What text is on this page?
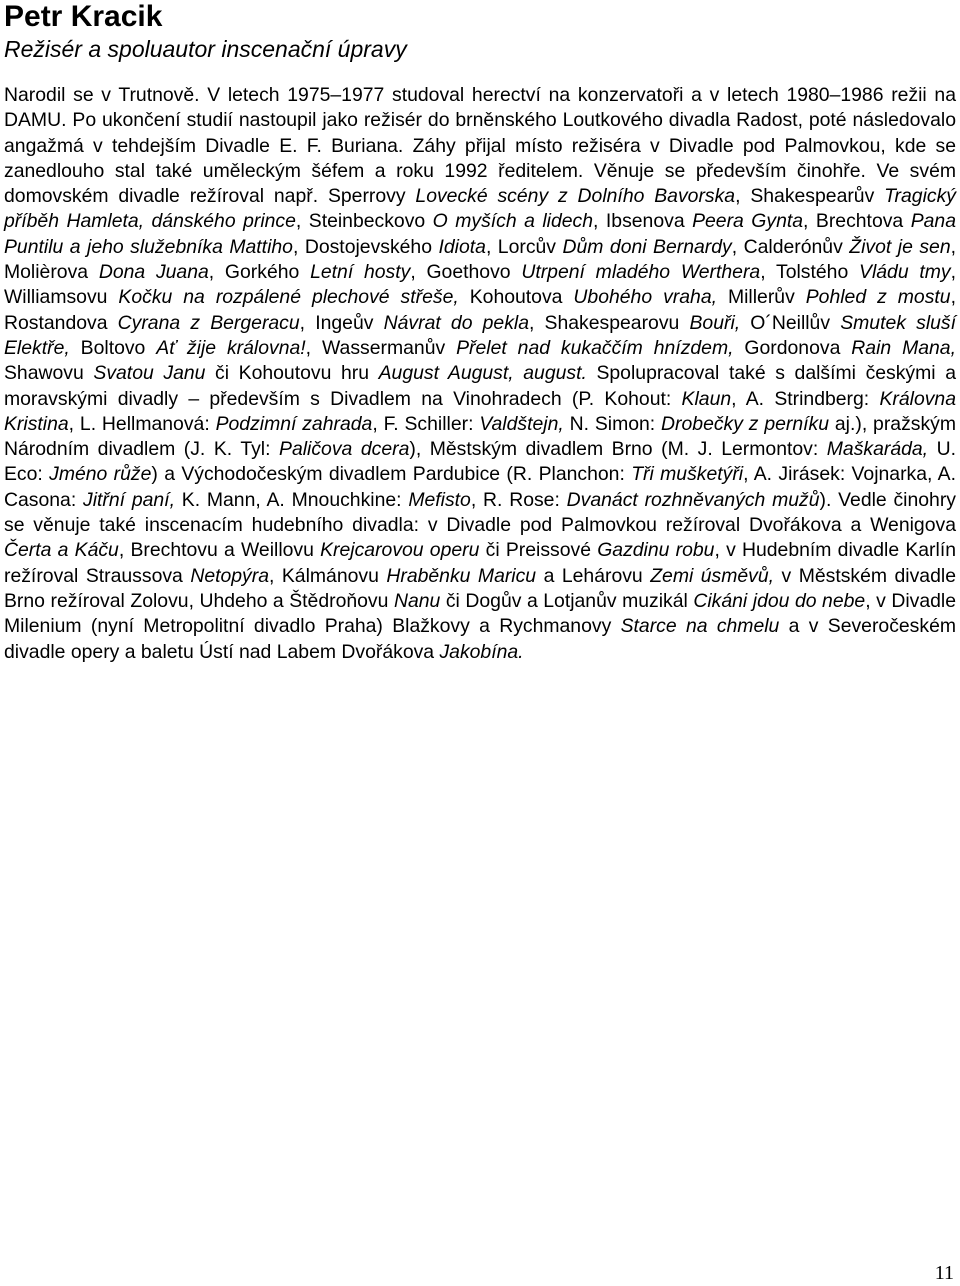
Petr Kracik
Režisér a spoluautor inscenační úpravy

Narodil se v Trutnově. V letech 1975–1977 studoval herectví na konzervatoři a v letech 1980–1986 režii na DAMU. Po ukončení studií nastoupil jako režisér do brněnského Loutkového divadla Radost, poté následovalo angažmá v tehdejším Divadle E. F. Buriana. Záhy přijal místo režiséra v Divadle pod Palmovkou, kde se zanedlouho stal také uměleckým šéfem a roku 1992 ředitelem. Věnuje se především činohře. Ve svém domovském divadle režíroval např. Sperrovy Lovecké scény z Dolního Bavorska, Shakespearův Tragický příběh Hamleta, dánského prince, Steinbeckovo O myších a lidech, Ibsenova Peera Gynta, Brechtova Pana Puntilu a jeho služebníka Mattiho, Dostojevského Idiota, Lorcův Dům doni Bernardy, Calderónův Život je sen, Molièrova Dona Juana, Gorkého Letní hosty, Goethovo Utrpení mladého Werthera, Tolstého Vládu tmy, Williamsovu Kočku na rozpálené plechové střeše, Kohoutova Ubohého vraha, Millerův Pohled z mostu, Rostandova Cyrana z Bergeracu, Ingeův Návrat do pekla, Shakespearovu Bouři, O´Neillův Smutek sluší Elektře, Boltovo Ať žije královna!, Wassermanův Přelet nad kukaččím hnízdem, Gordonova Rain Mana, Shawovu Svatou Janu či Kohoutovu hru August August, august. Spolupracoval také s dalšími českými a moravskými divadly – především s Divadlem na Vinohradech (P. Kohout: Klaun, A. Strindberg: Královna Kristina, L. Hellmanová: Podzimní zahrada, F. Schiller: Valdštejn, N. Simon: Drobečky z perníku aj.), pražským Národním divadlem (J. K. Tyl: Paličova dcera), Městským divadlem Brno (M. J. Lermontov: Maškaráda, U. Eco: Jméno růže) a Východočeským divadlem Pardubice (R. Planchon: Tři mušketýři, A. Jirásek: Vojnarka, A. Casona: Jitřní paní, K. Mann, A. Mnouchkine: Mefisto, R. Rose: Dvanáct rozhněvaných mužů). Vedle činohry se věnuje také inscenacím hudebního divadla: v Divadle pod Palmovkou režíroval Dvořákova a Wenigova Čerta a Káču, Brechtovu a Weillovu Krejcarovou operu či Preissové Gazdinu robu, v Hudebním divadle Karlín režíroval Straussova Netopýra, Kálmánovu Hraběnku Maricu a Lehárovu Zemi úsměvů, v Městském divadle Brno režíroval Zolovu, Uhdeho a Štědroňovu Nanu či Dogův a Lotjanův muzikál Cikáni jdou do nebe, v Divadle Milenium (nyní Metropolitní divadlo Praha) Blažkovy a Rychmanovy Starce na chmelu a v Severočeském divadle opery a baletu Ústí nad Labem Dvořákova Jakobína.

11
